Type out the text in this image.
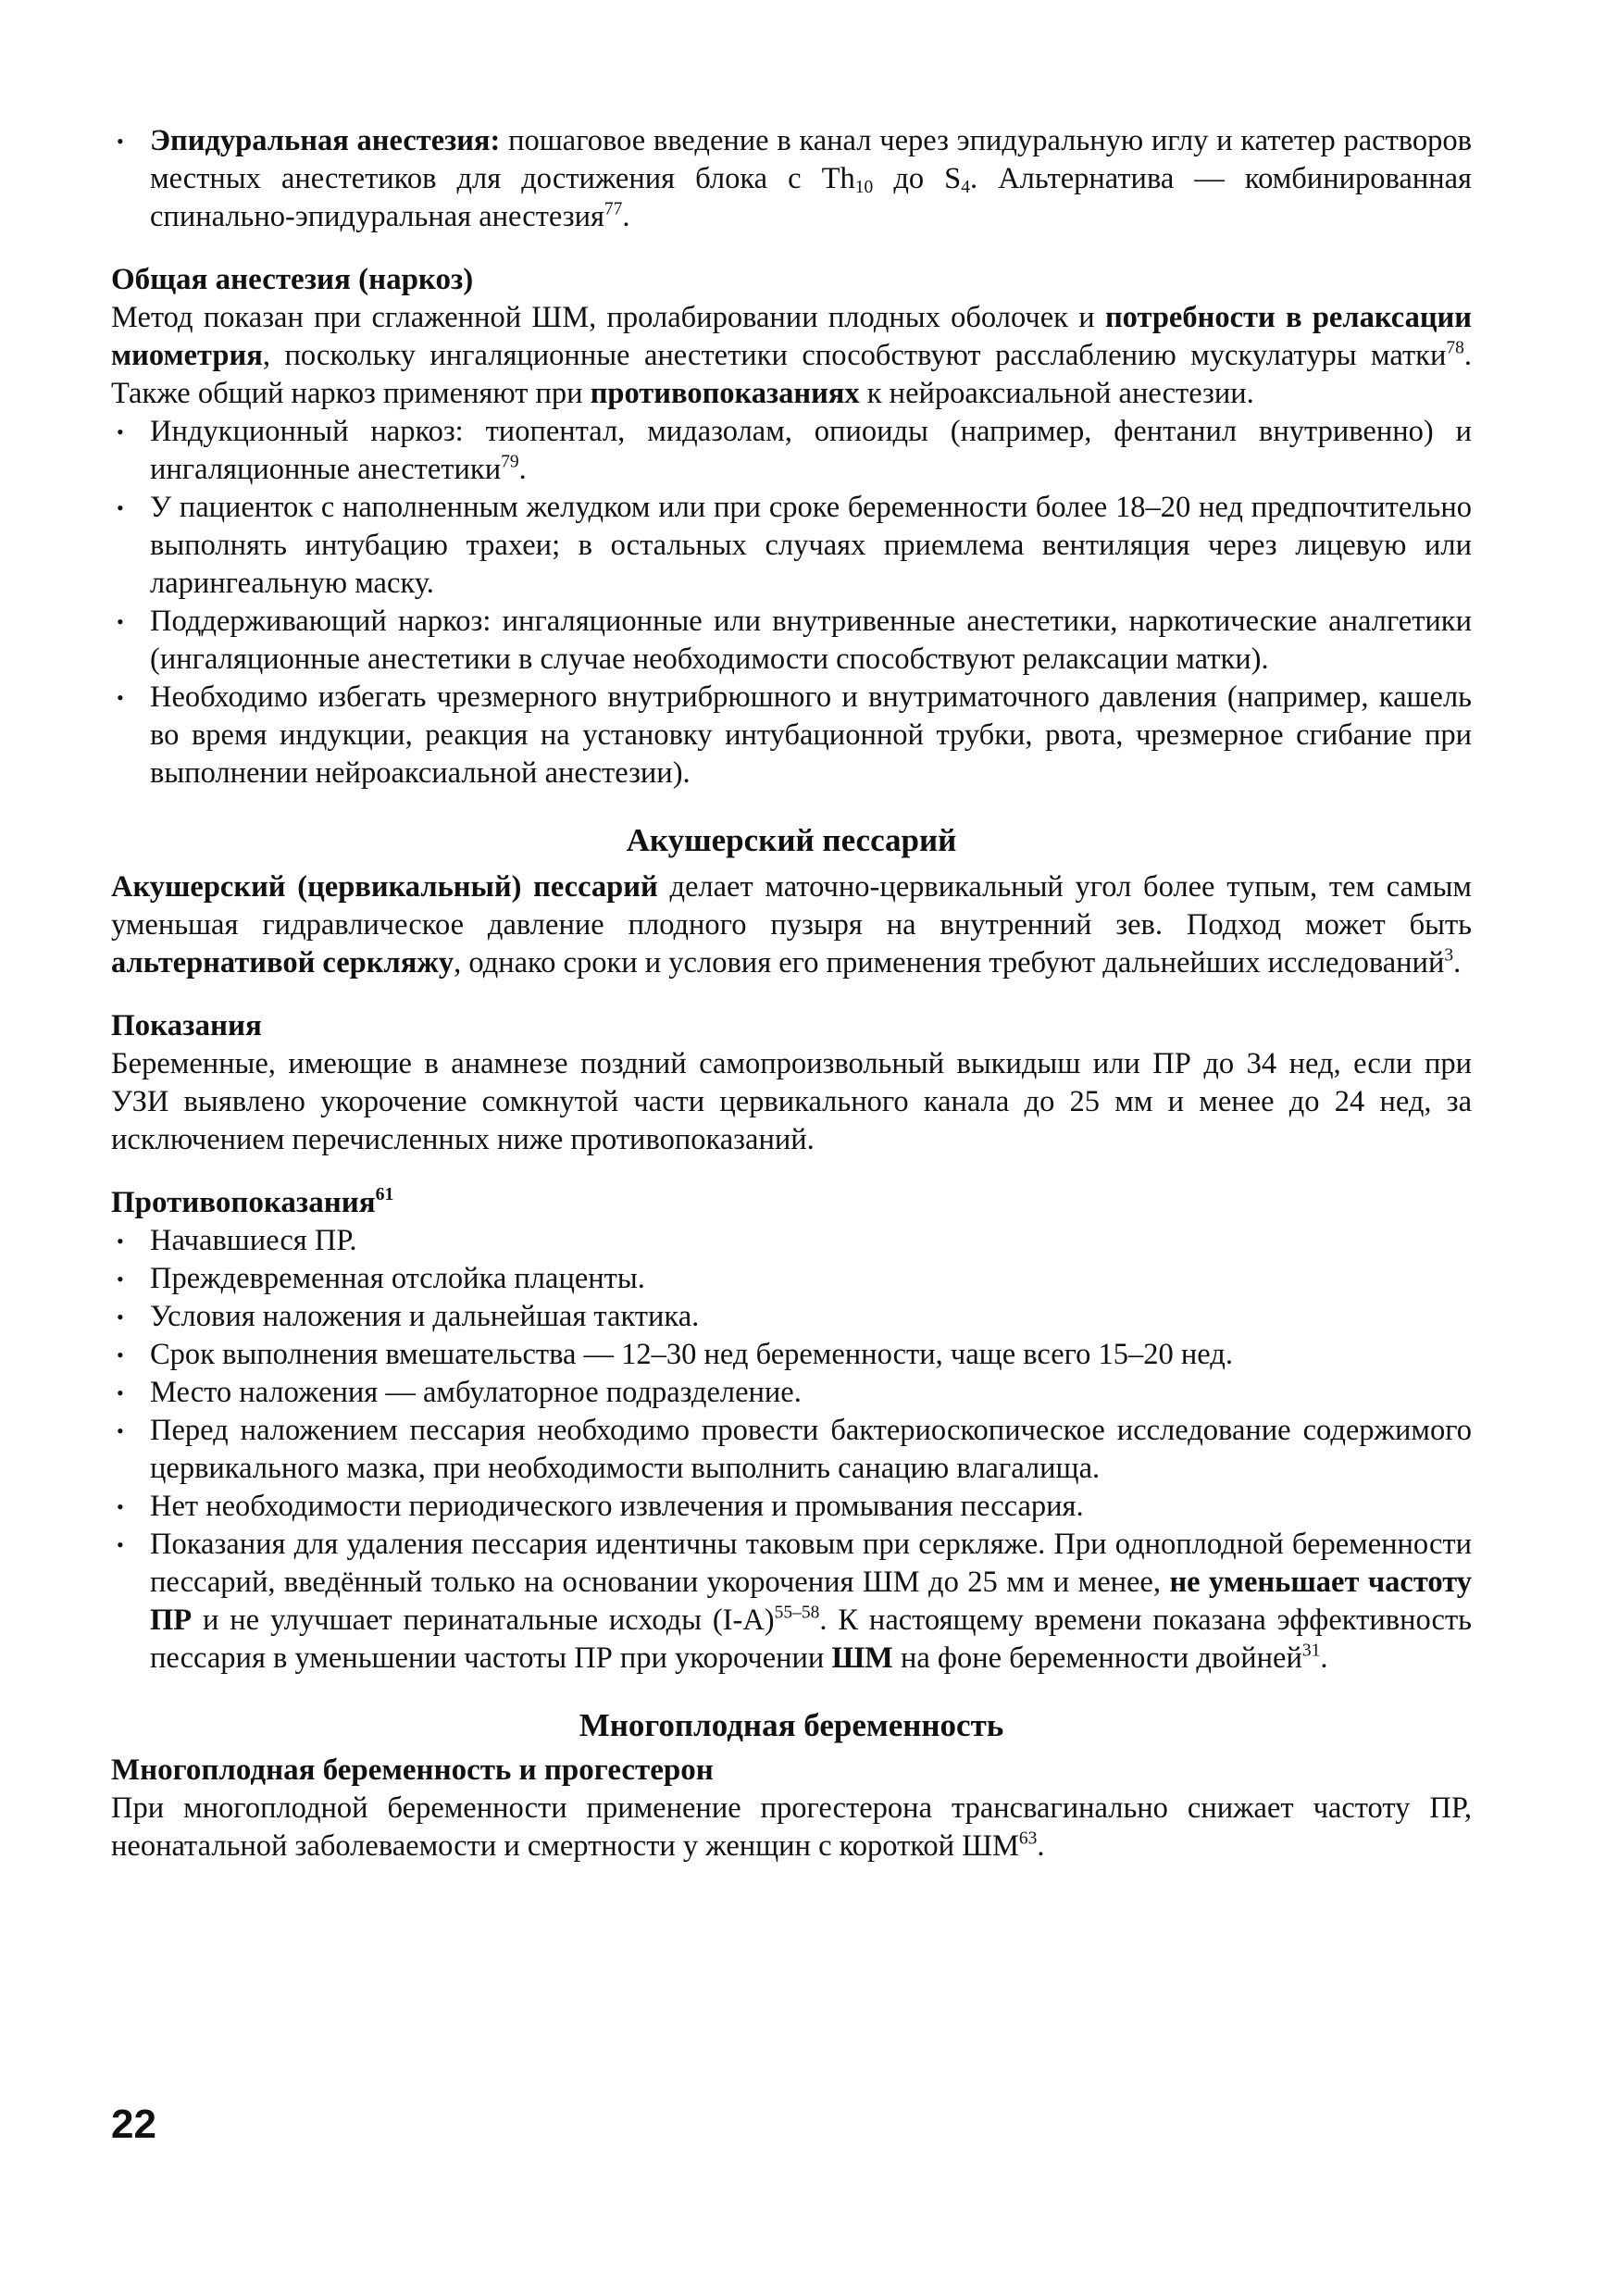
• Эпидуральная анестезия: пошаговое введение в канал через эпидуральную иглу и катетер растворов местных анестетиков для достижения блока с $Th_{10}$ до $S_4$. Альтернатива — комбинированная спинально-эпидуральная анестезия$^{77}$.

Общая анестезия (наркоз)

Метод показан при сглаженной ШМ, пролабировании плодных оболочек и потребности в релаксации миометрия, поскольку ингаляционные анестетики способствуют расслаблению мускулатуры матки$^{78}$. Также общий наркоз применяют при противопоказаниях к нейроаксиальной анестезии.

• Индукционный наркоз: тиопентал, мидазолам, опиоиды (например, фентанил внутривенно) и ингаляционные анестетики$^{79}$.
• У пациенток с наполненным желудком или при сроке беременности более 18–20 нед предпочтительно выполнять интубацию трахеи; в остальных случаях приемлема вентиляция через лицевую или ларингеальную маску.
• Поддерживающий наркоз: ингаляционные или внутривенные анестетики, наркотические аналгетики (ингаляционные анестетики в случае необходимости способствуют релаксации матки).
• Необходимо избегать чрезмерного внутрибрюшного и внутриматочного давления (например, кашель во время индукции, реакция на установку интубационной трубки, рвота, чрезмерное сгибание при выполнении нейроаксиальной анестезии).

Акушерский пессарий

Акушерский (цервикальный) пессарий делает маточно-цервикальный угол более тупым, тем самым уменьшая гидравлическое давление плодного пузыря на внутренний зев. Подход может быть альтернативой серкляжу, однако сроки и условия его применения требуют дальнейших исследований$^3$.

Показания

Беременные, имеющие в анамнезе поздний самопроизвольный выкидыш или ПР до 34 нед, если при УЗИ выявлено укорочение сомкнутой части цервикального канала до 25 мм и менее до 24 нед, за исключением перечисленных ниже противопоказаний.

Противопоказания$^{61}$

• Начавшиеся ПР.
• Преждевременная отслойка плаценты.
• Условия наложения и дальнейшая тактика.
• Срок выполнения вмешательства — 12–30 нед беременности, чаще всего 15–20 нед.
• Место наложения — амбулаторное подразделение.
• Перед наложением пессария необходимо провести бактериоскопическое исследование содержимого цервикального мазка, при необходимости выполнить санацию влагалища.
• Нет необходимости периодического извлечения и промывания пессария.
• Показания для удаления пессария идентичны таковым при серкляже. При одноплодной беременности пессарий, введённый только на основании укорочения ШМ до 25 мм и менее, не уменьшает частоту ПР и не улучшает перинатальные исходы $(I-A)^{55-58}$. К настоящему времени показана эффективность пессария в уменьшении частоты ПР при укорочении ШМ на фоне беременности двойней$^{31}$.

Многоплодная беременность

Многоплодная беременность и прогестерон

При многоплодной беременности применение прогестерона трансвагинально снижает частоту ПР, неонатальной заболеваемости и смертности у женщин с короткой ШМ$^{63}$.

22
